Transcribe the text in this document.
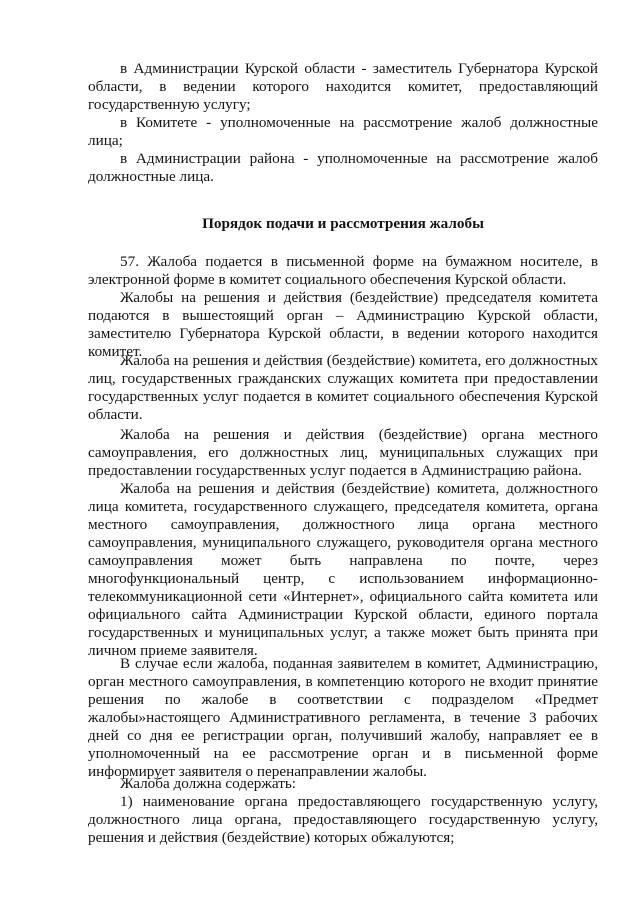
в Администрации Курской области - заместитель Губернатора Курской области, в ведении которого находится комитет, предоставляющий государственную услугу;

в Комитете - уполномоченные на рассмотрение жалоб должностные лица;

в Администрации района - уполномоченные на рассмотрение жалоб должностные лица.

Порядок подачи и рассмотрения жалобы

57. Жалоба подается в письменной форме на бумажном носителе, в электронной форме в комитет социального обеспечения Курской области.

Жалобы на решения и действия (бездействие) председателя комитета подаются в вышестоящий орган – Администрацию Курской области, заместителю Губернатора Курской области, в ведении которого находится комитет.

Жалоба на решения и действия (бездействие) комитета, его должностных лиц, государственных гражданских служащих комитета при предоставлении государственных услуг подается в комитет социального обеспечения Курской области.

Жалоба на решения и действия (бездействие) органа местного самоуправления, его должностных лиц, муниципальных служащих при предоставлении государственных услуг подается в Администрацию района.

Жалоба на решения и действия (бездействие) комитета, должностного лица комитета, государственного служащего, председателя комитета, органа местного самоуправления, должностного лица органа местного самоуправления, муниципального служащего, руководителя органа местного самоуправления может быть направлена по почте, через многофункциональный центр, с использованием информационно-телекоммуникационной сети «Интернет», официального сайта комитета или официального сайта Администрации Курской области, единого портала государственных и муниципальных услуг, а также может быть принята при личном приеме заявителя.

В случае если жалоба, поданная заявителем в комитет, Администрацию, орган местного самоуправления, в компетенцию которого не входит принятие решения по жалобе в соответствии с подразделом «Предмет жалобы»настоящего Административного регламента, в течение 3 рабочих дней со дня ее регистрации орган, получивший жалобу, направляет ее в уполномоченный на ее рассмотрение орган и в письменной форме информирует заявителя о перенаправлении жалобы.

Жалоба должна содержать:

1) наименование органа предоставляющего государственную услугу, должностного лица органа, предоставляющего государственную услугу, решения и действия (бездействие) которых обжалуются;
